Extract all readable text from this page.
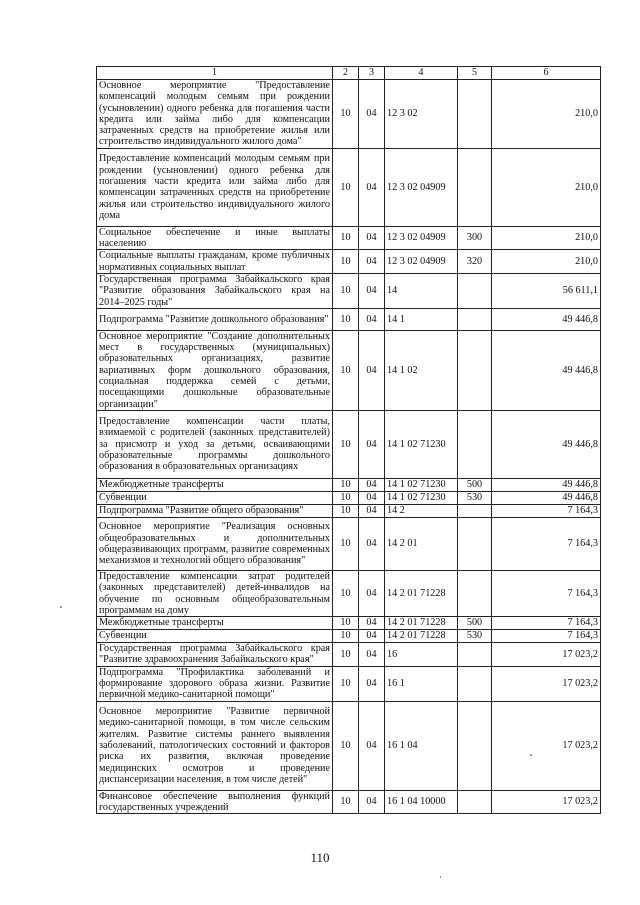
1	2	3	4	5	6
Основное мероприятие "Предоставление компенсаций молодым семьям при рождении (усыновлении) одного ребенка для погашения части кредита или займа либо для компенсации затраченных средств на приобретение жилья или строительство индивидуального жилого дома"	10	04	12 3 02		210,0
Предоставление компенсаций молодым семьям при рождении (усыновлении) одного ребенка для погашения части кредита или займа либо для компенсации затраченных средств на приобретение жилья или строительство индивидуального жилого дома	10	04	12 3 02 04909		210,0
Социальное обеспечение и иные выплаты населению	10	04	12 3 02 04909	300	210,0
Социальные выплаты гражданам, кроме публичных нормативных социальных выплат	10	04	12 3 02 04909	320	210,0
Государственная программа Забайкальского края "Развитие образования Забайкальского края на 2014–2025 годы"	10	04	14		56 611,1
Подпрограмма "Развитие дошкольного образования"	10	04	14 1		49 446,8
Основное мероприятие "Создание дополнительных мест в государственных (муниципальных) образовательных организациях, развитие вариативных форм дошкольного образования, социальная поддержка семей с детьми, посещающими дошкольные образовательные организации"	10	04	14 1 02		49 446,8
Предоставление компенсации части платы, взимаемой с родителей (законных представителей) за присмотр и уход за детьми, осваивающими образовательные программы дошкольного образования в образовательных организациях	10	04	14 1 02 71230		49 446,8
Межбюджетные трансферты	10	04	14 1 02 71230	500	49 446,8
Субвенции	10	04	14 1 02 71230	530	49 446,8
Подпрограмма "Развитие общего образования"	10	04	14 2		7 164,3
Основное мероприятие "Реализация основных общеобразовательных и дополнительных общеразвивающих программ, развитие современных механизмов и технологий общего образования"	10	04	14 2 01		7 164,3
Предоставление компенсации затрат родителей (законных представителей) детей-инвалидов на обучение по основным общеобразовательным программам на дому	10	04	14 2 01 71228		7 164,3
Межбюджетные трансферты	10	04	14 2 01 71228	500	7 164,3
Субвенции	10	04	14 2 01 71228	530	7 164,3
Государственная программа Забайкальского края "Развитие здравоохранения Забайкальского края"	10	04	16		17 023,2
Подпрограмма "Профилактика заболеваний и формирование здорового образа жизни. Развитие первичной медико-санитарной помощи"	10	04	16 1		17 023,2
Основное мероприятие "Развитие первичной медико-санитарной помощи, в том числе сельским жителям. Развитие системы раннего выявления заболеваний, патологических состояний и факторов риска их развития, включая проведение медицинских осмотров и проведение диспансеризации населения, в том числе детей"	10	04	16 1 04		17 023,2
Финансовое обеспечение выполнения функций государственных учреждений	10	04	16 1 04 10000		17 023,2
110
